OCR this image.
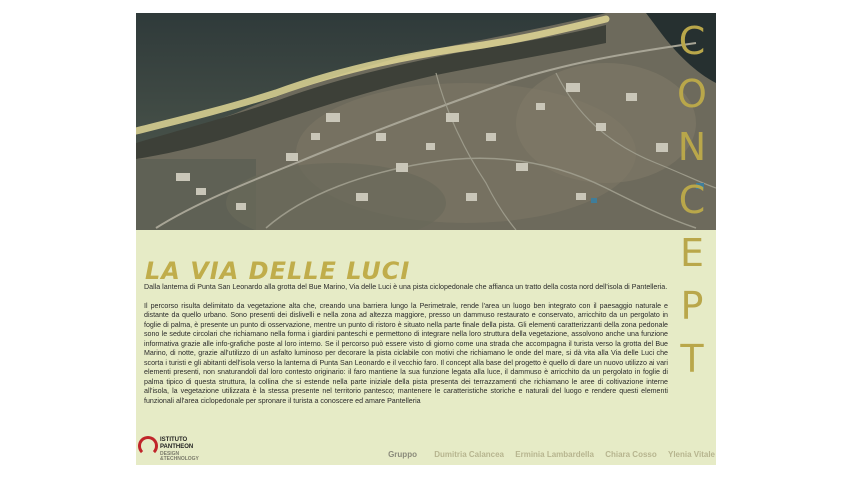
C
O
N
C
E
P
T
LA VIA DELLE LUCI

Dalla lanterna di Punta San Leonardo alla grotta del Bue Marino, Via delle Luci è una pista ciclopedonale che affianca un tratto della costa nord dell'isola di Pantelleria.

Il percorso risulta delimitato da vegetazione alta che, creando una barriera lungo la Perimetrale, rende l'area un luogo ben integrato con il paesaggio naturale e distante da quello urbano. Sono presenti dei dislivelli e nella zona ad altezza maggiore, presso un dammuso restaurato e conservato, arricchito da un pergolato in foglie di palma, è presente un punto di osservazione, mentre un punto di ristoro è situato nella parte finale della pista. Gli elementi caratterizzanti della zona pedonale sono le sedute circolari che richiamano nella forma i giardini panteschi e permettono di integrare nella loro struttura della vegetazione, assolvono anche una funzione informativa grazie alle info-grafiche poste al loro interno. Se il percorso può essere visto di giorno come una strada che accompagna il turista verso la grotta del Bue Marino, di notte, grazie all'utilizzo di un asfalto luminoso per decorare la pista ciclabile con motivi che richiamano le onde del mare, si dà vita alla Via delle Luci che scorta i turisti e gli abitanti dell'isola verso la lanterna di Punta San Leonardo e il vecchio faro. Il concept alla base del progetto è quello di dare un nuovo utilizzo ai vari elementi presenti, non snaturandoli dal loro contesto originario: il faro mantiene la sua funzione legata alla luce, il dammuso è arricchito da un pergolato in foglie di palma tipico di questa struttura, la collina che si estende nella parte iniziale della pista presenta dei terrazzamenti che richiamano le aree di coltivazione interne all'isola, la vegetazione utilizzata è la stessa presente nel territorio pantesco; mantenere le caratteristiche storiche e naturali del luogo e rendere questi elementi funzionali all'area ciclopedonale per spronare il turista a conoscere ed amare Pantelleria

ISTITUTO
PANTHEON
DESIGN
&TECHNOLOGY	Gruppo Dumitria Calancea Erminia Lambardella Chiara Cosso Ylenia Vitale
